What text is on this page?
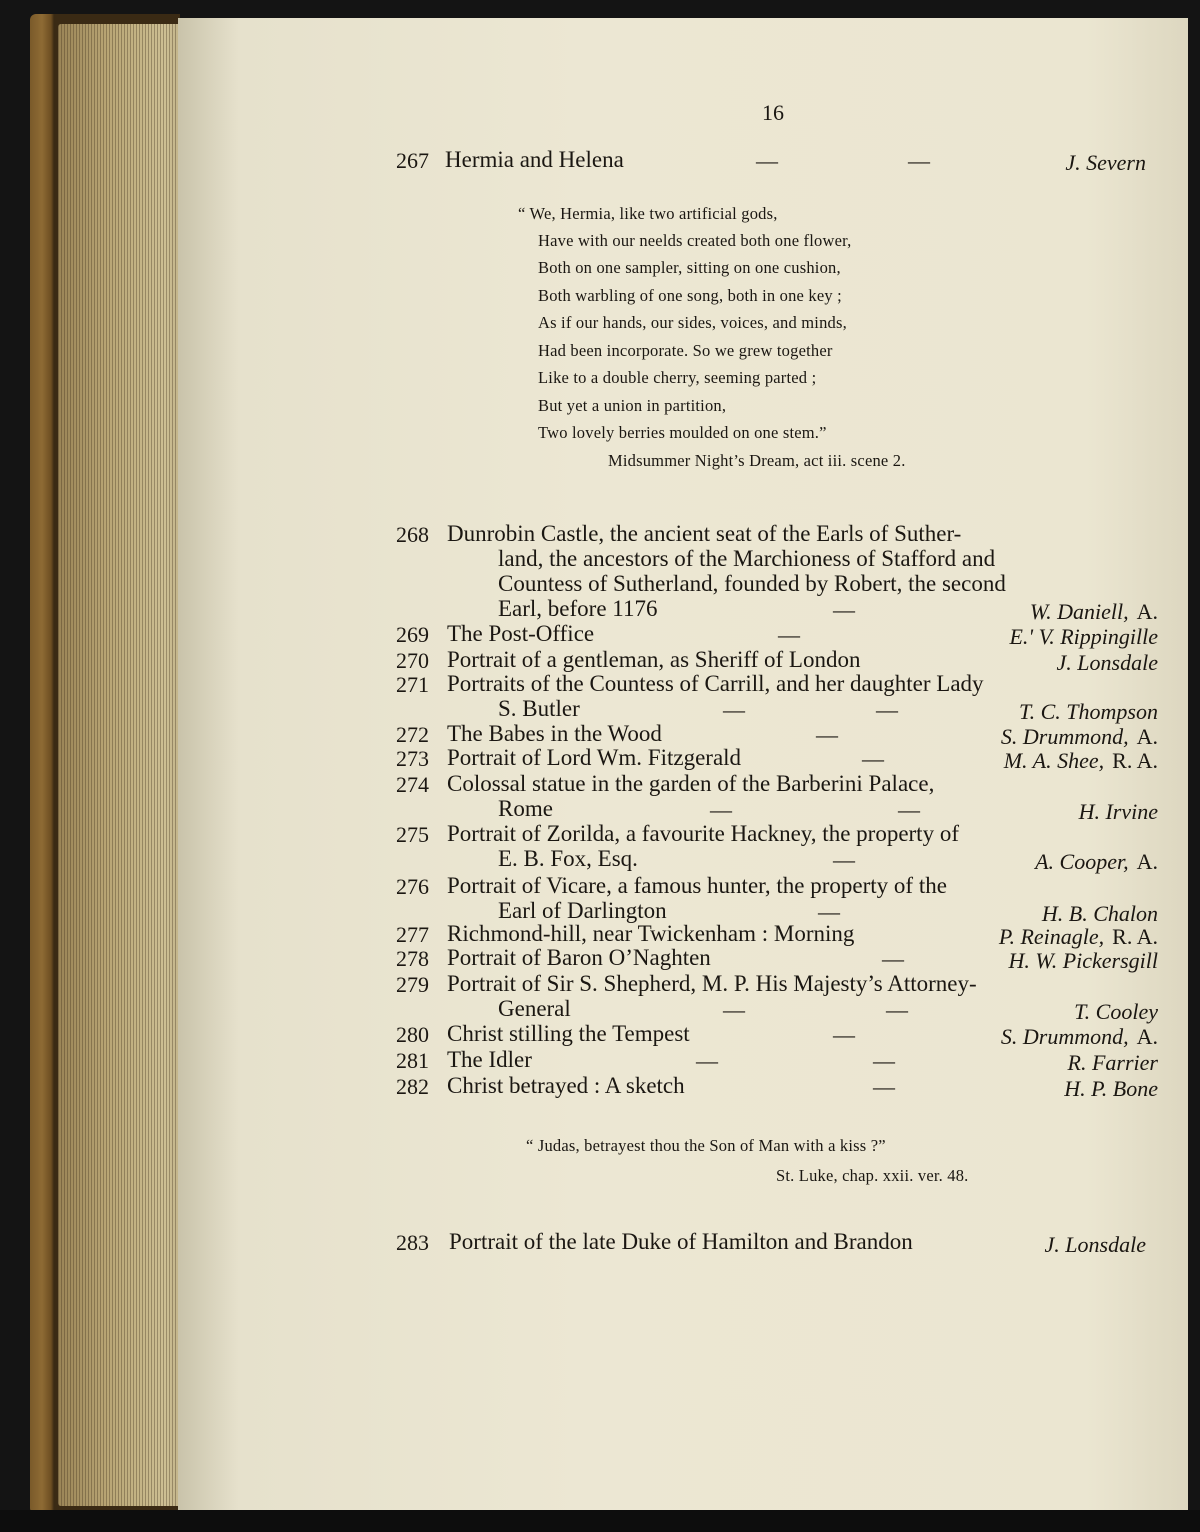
16
267 Hermia and Helena	—	—	J. Severn
“ We, Hermia, like two artificial gods,
Have with our neelds created both one flower,
Both on one sampler, sitting on one cushion,
Both warbling of one song, both in one key ;
As if our hands, our sides, voices, and minds,
Had been incorporate. So we grew together
Like to a double cherry, seeming parted ;
But yet a union in partition,
Two lovely berries moulded on one stem.”
Midsummer Night’s Dream, act iii. scene 2.
268 Dunrobin Castle, the ancient seat of the Earls of Suther-
land, the ancestors of the Marchioness of Stafford and
Countess of Sutherland, founded by Robert, the second
Earl, before 1176	—	W. Daniell, A.
269 The Post-Office	—	E.' V. Rippingille
270 Portrait of a gentleman, as Sheriff of London	J. Lonsdale
271 Portraits of the Countess of Carrill, and her daughter Lady
S. Butler	—	—	T. C. Thompson
272 The Babes in the Wood	—	S. Drummond, A.
273 Portrait of Lord Wm. Fitzgerald	—	M. A. Shee, R. A.
274 Colossal statue in the garden of the Barberini Palace,
Rome	—	—	H. Irvine
275 Portrait of Zorilda, a favourite Hackney, the property of
E. B. Fox, Esq.	—	A. Cooper, A.
276 Portrait of Vicare, a famous hunter, the property of the
Earl of Darlington	—	H. B. Chalon
277 Richmond-hill, near Twickenham : Morning	P. Reinagle, R. A.
278 Portrait of Baron O’Naghten	—	H. W. Pickersgill
279 Portrait of Sir S. Shepherd, M. P. His Majesty’s Attorney-
General	—	—	T. Cooley
280 Christ stilling the Tempest	—	S. Drummond, A.
281 The Idler	—	—	R. Farrier
282 Christ betrayed : A sketch	—	H. P. Bone
“ Judas, betrayest thou the Son of Man with a kiss ?”
St. Luke, chap. xxii. ver. 48.
283 Portrait of the late Duke of Hamilton and Brandon	J. Lonsdale
